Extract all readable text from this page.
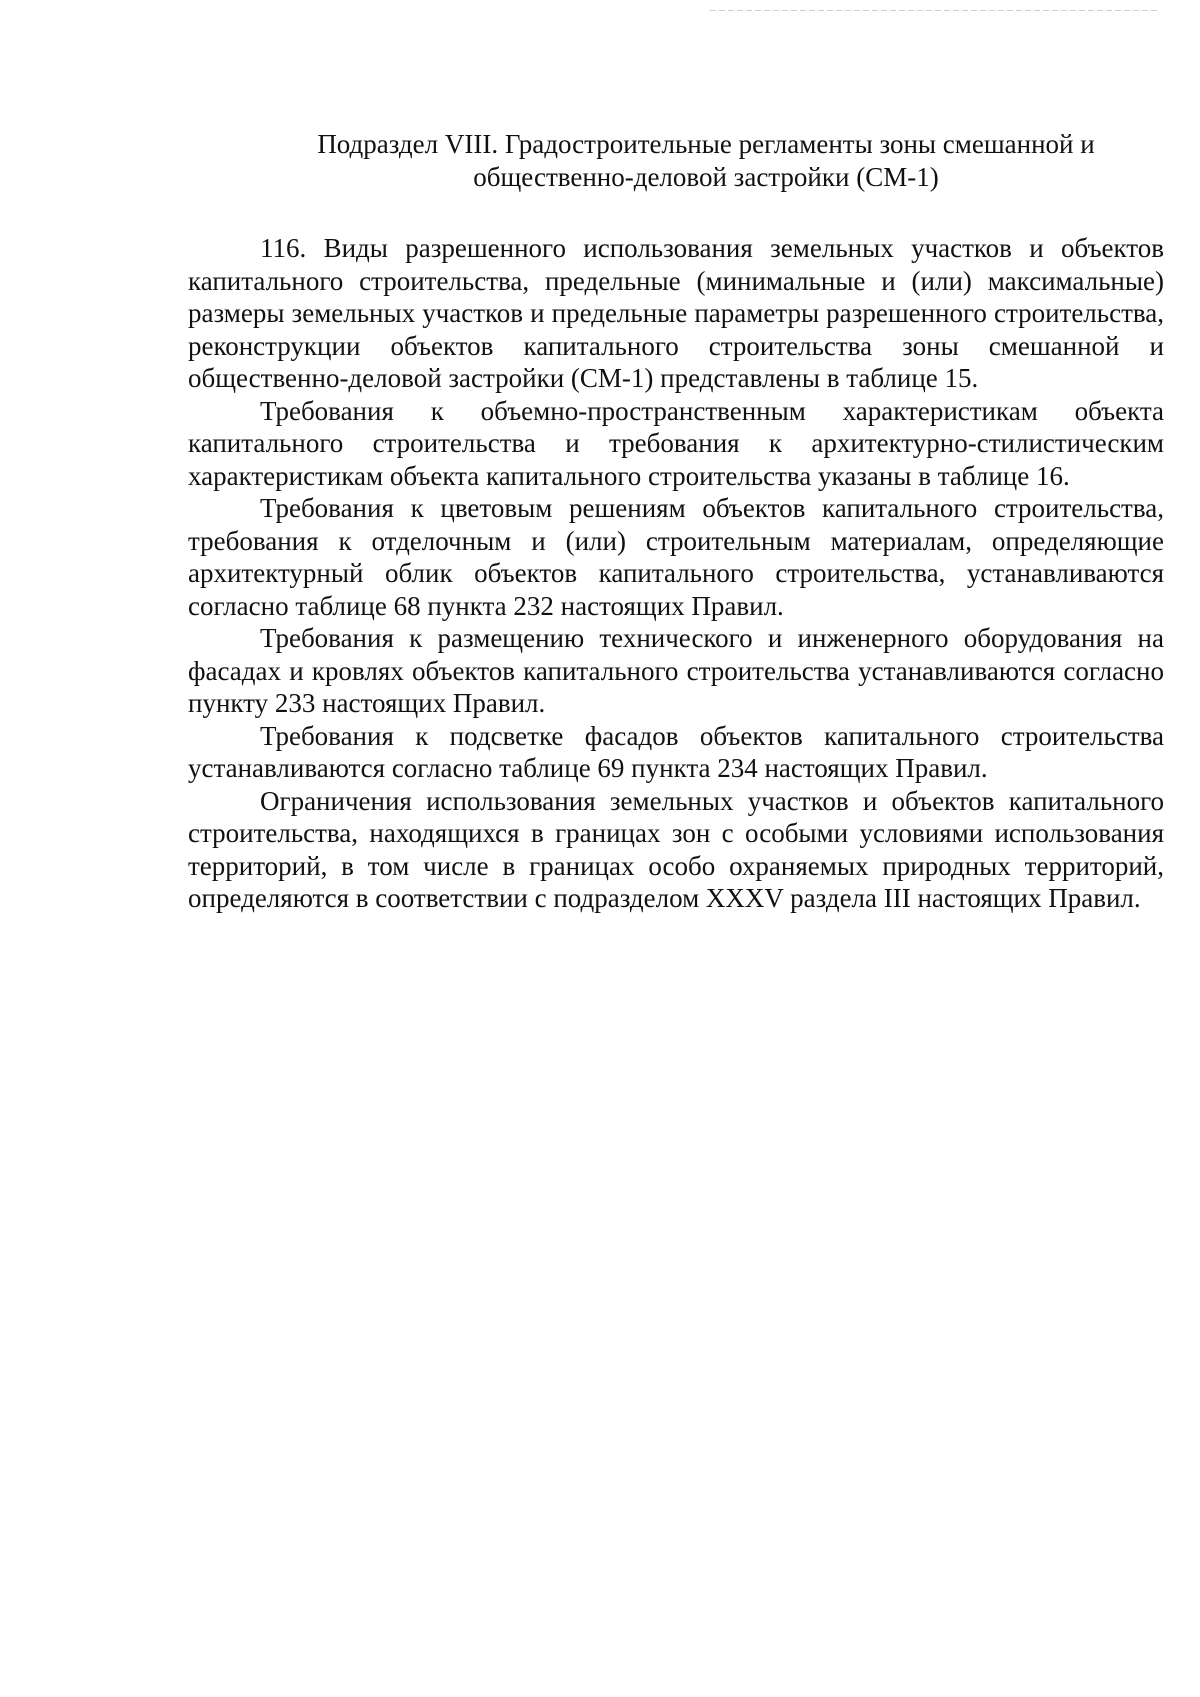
Подраздел VIII. Градостроительные регламенты зоны смешанной и
общественно-деловой застройки (СМ-1)

116. Виды разрешенного использования земельных участков и объектов капитального строительства, предельные (минимальные и (или) максимальные) размеры земельных участков и предельные параметры разрешенного строительства, реконструкции объектов капитального строительства зоны смешанной и общественно-деловой застройки (СМ-1) представлены в таблице 15.

Требования к объемно-пространственным характеристикам объекта капитального строительства и требования к архитектурно-стилистическим характеристикам объекта капитального строительства указаны в таблице 16.

Требования к цветовым решениям объектов капитального строительства, требования к отделочным и (или) строительным материалам, определяющие архитектурный облик объектов капитального строительства, устанавливаются согласно таблице 68 пункта 232 настоящих Правил.

Требования к размещению технического и инженерного оборудования на фасадах и кровлях объектов капитального строительства устанавливаются согласно пункту 233 настоящих Правил.

Требования к подсветке фасадов объектов капитального строительства устанавливаются согласно таблице 69 пункта 234 настоящих Правил.

Ограничения использования земельных участков и объектов капитального строительства, находящихся в границах зон с особыми условиями использования территорий, в том числе в границах особо охраняемых природных территорий, определяются в соответствии с подразделом XXXV раздела III настоящих Правил.
